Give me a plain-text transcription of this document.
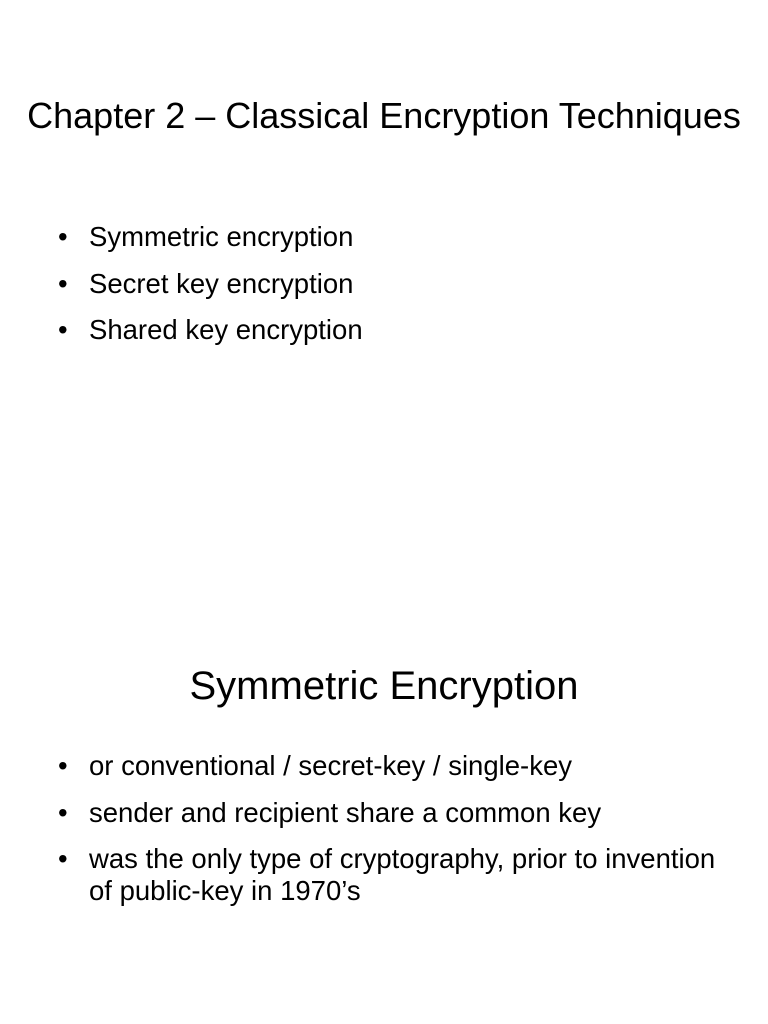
Chapter 2 – Classical Encryption Techniques
• Symmetric encryption
• Secret key encryption
• Shared key encryption
Symmetric Encryption
• or conventional / secret-key / single-key
• sender and recipient share a common key
• was the only type of cryptography, prior to invention of public-key in 1970’s
